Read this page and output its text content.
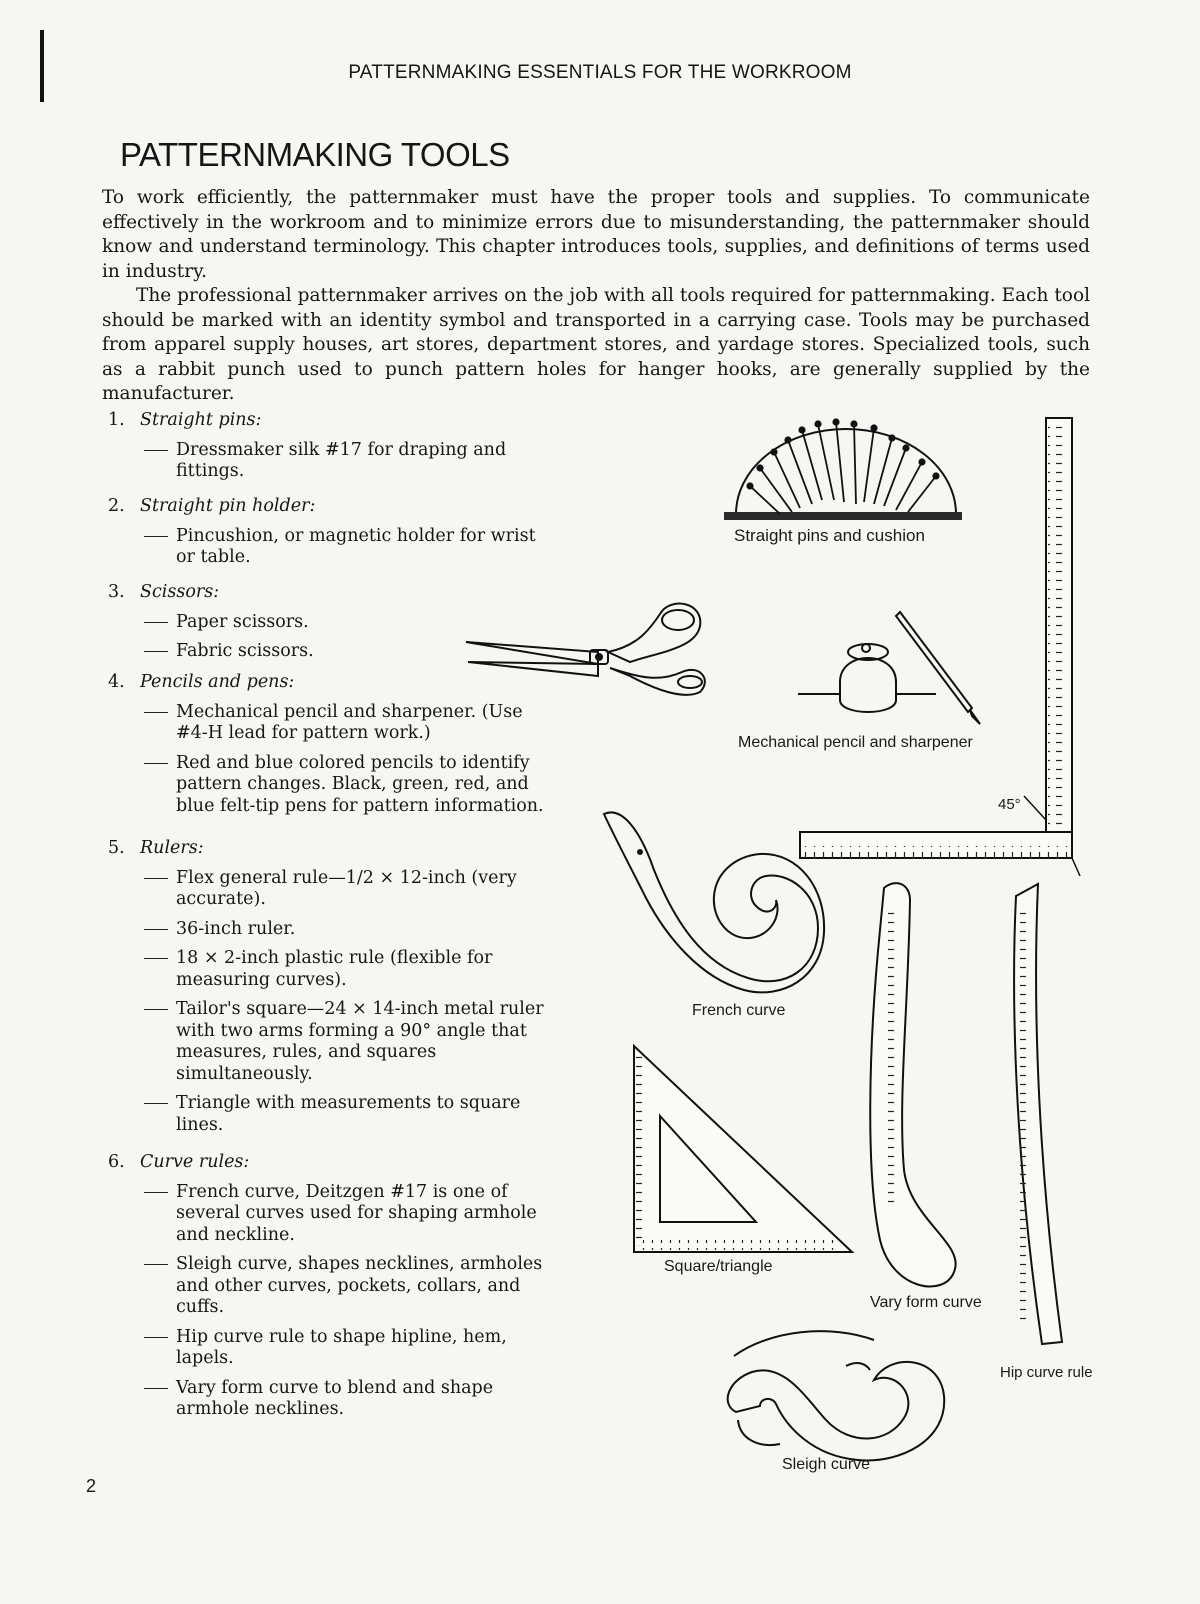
PATTERNMAKING ESSENTIALS FOR THE WORKROOM
PATTERNMAKING TOOLS

To work efficiently, the patternmaker must have the proper tools and supplies. To communicate effectively in the workroom and to minimize errors due to misunderstanding, the patternmaker should know and understand terminology. This chapter introduces tools, supplies, and definitions of terms used in industry.

The professional patternmaker arrives on the job with all tools required for patternmaking. Each tool should be marked with an identity symbol and transported in a carrying case. Tools may be purchased from apparel supply houses, art stores, department stores, and yardage stores. Specialized tools, such as a rabbit punch used to punch pattern holes for hanger hooks, are generally supplied by the manufacturer.

1. Straight pins:
Dressmaker silk #17 for draping and fittings.
2. Straight pin holder:
Pincushion, or magnetic holder for wrist or table.
3. Scissors:
Paper scissors.
Fabric scissors.
4. Pencils and pens:
Mechanical pencil and sharpener. (Use #4-H lead for pattern work.)
Red and blue colored pencils to identify pattern changes. Black, green, red, and blue felt-tip pens for pattern information.
5. Rulers:
Flex general rule—1/2 × 12-inch (very accurate).
36-inch ruler.
18 × 2-inch plastic rule (flexible for measuring curves).
Tailor's square—24 × 14-inch metal ruler with two arms forming a 90° angle that measures, rules, and squares simultaneously.
Triangle with measurements to square lines.
6. Curve rules:
French curve, Deitzgen #17 is one of several curves used for shaping armhole and neckline.
Sleigh curve, shapes necklines, armholes and other curves, pockets, collars, and cuffs.
Hip curve rule to shape hipline, hem, lapels.
Vary form curve to blend and shape armhole necklines.
Straight pins and cushion
Mechanical pencil and sharpener
45°
French curve
Square/triangle
Vary form curve
Hip curve rule
Sleigh curve
2
